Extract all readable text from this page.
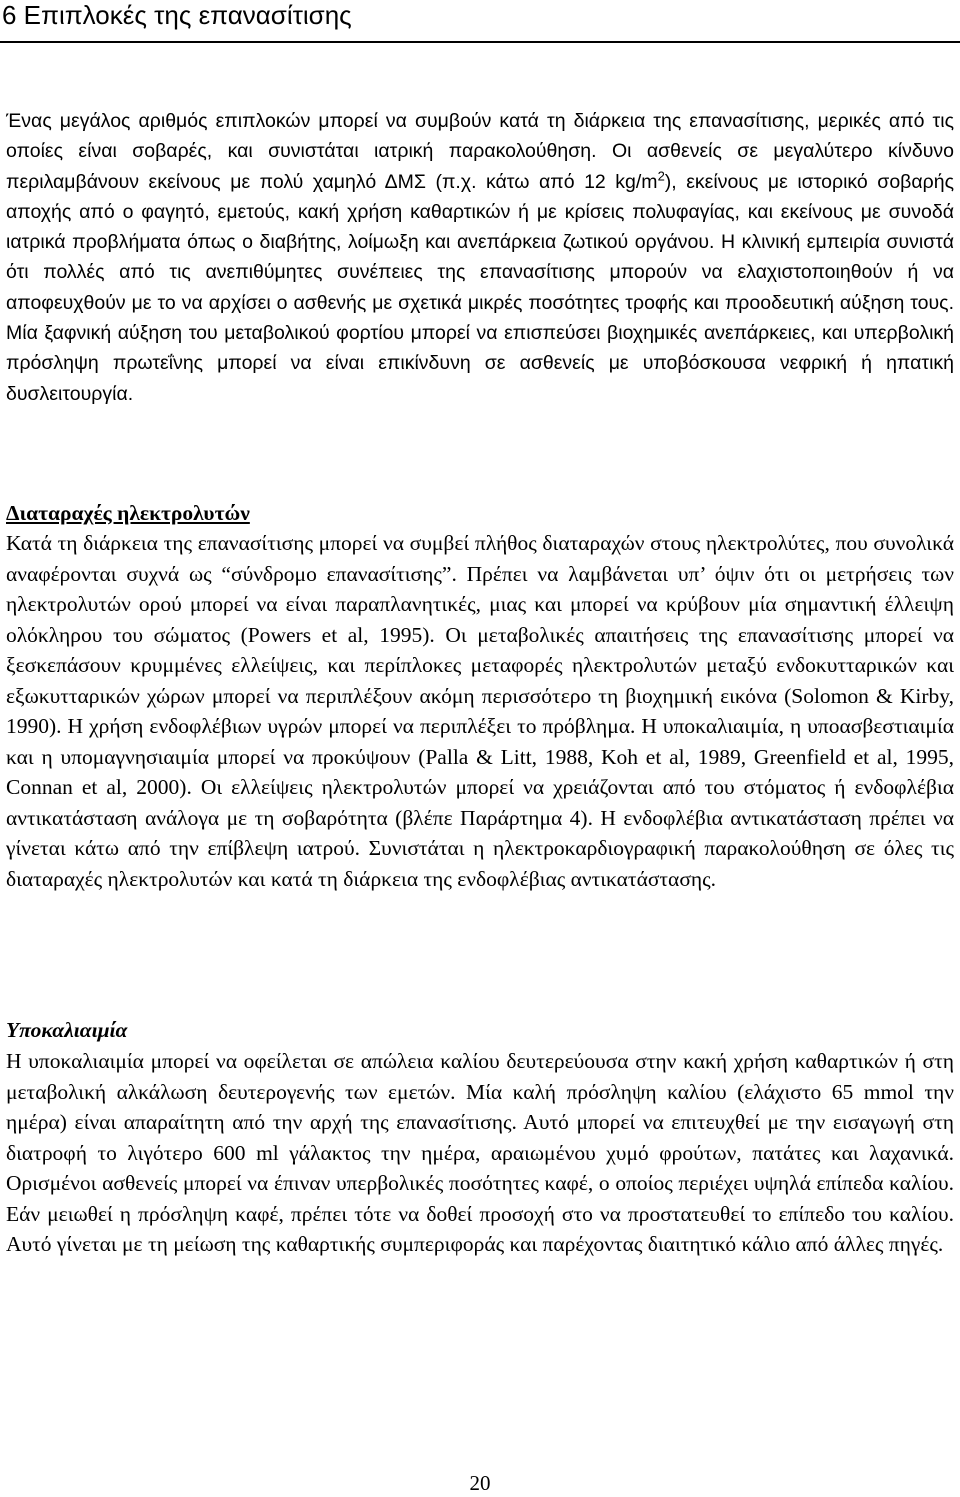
6 Επιπλοκές της επανασίτισης

Ένας μεγάλος αριθμός επιπλοκών μπορεί να συμβούν κατά τη διάρκεια της επανασίτισης, μερικές από τις οποίες είναι σοβαρές, και συνιστάται ιατρική παρακολούθηση. Οι ασθενείς σε μεγαλύτερο κίνδυνο περιλαμβάνουν εκείνους με πολύ χαμηλό ΔΜΣ (π.χ. κάτω από 12 $kg/m^2$), εκείνους με ιστορικό σοβαρής αποχής από ο φαγητό, εμετούς, κακή χρήση καθαρτικών ή με κρίσεις πολυφαγίας, και εκείνους με συνοδά ιατρικά προβλήματα όπως ο διαβήτης, λοίμωξη και ανεπάρκεια ζωτικού οργάνου. Η κλινική εμπειρία συνιστά ότι πολλές από τις ανεπιθύμητες συνέπειες της επανασίτισης μπορούν να ελαχιστοποιηθούν ή να αποφευχθούν με το να αρχίσει ο ασθενής με σχετικά μικρές ποσότητες τροφής και προοδευτική αύξηση τους. Μία ξαφνική αύξηση του μεταβολικού φορτίου μπορεί να επισπεύσει βιοχημικές ανεπάρκειες, και υπερβολική πρόσληψη πρωτεΐνης μπορεί να είναι επικίνδυνη σε ασθενείς με υποβόσκουσα νεφρική ή ηπατική δυσλειτουργία.

Διαταραχές ηλεκτρολυτών

Κατά τη διάρκεια της επανασίτισης μπορεί να συμβεί πλήθος διαταραχών στους ηλεκτρολύτες, που συνολικά αναφέρονται συχνά ως “σύνδρομο επανασίτισης”. Πρέπει να λαμβάνεται υπ’ όψιν ότι οι μετρήσεις των ηλεκτρολυτών ορού μπορεί να είναι παραπλανητικές, μιας και μπορεί να κρύβουν μία σημαντική έλλειψη ολόκληρου του σώματος (Powers et al, 1995). Οι μεταβολικές απαιτήσεις της επανασίτισης μπορεί να ξεσκεπάσουν κρυμμένες ελλείψεις, και περίπλοκες μεταφορές ηλεκτρολυτών μεταξύ ενδοκυτταρικών και εξωκυτταρικών χώρων μπορεί να περιπλέξουν ακόμη περισσότερο τη βιοχημική εικόνα (Solomon & Kirby, 1990). Η χρήση ενδοφλέβιων υγρών μπορεί να περιπλέξει το πρόβλημα. Η υποκαλιαιμία, η υποασβεστιαιμία και η υπομαγνησιαιμία μπορεί να προκύψουν (Palla & Litt, 1988, Koh et al, 1989, Greenfield et al, 1995, Connan et al, 2000). Οι ελλείψεις ηλεκτρολυτών μπορεί να χρειάζονται από του στόματος ή ενδοφλέβια αντικατάσταση ανάλογα με τη σοβαρότητα (βλέπε Παράρτημα 4). Η ενδοφλέβια αντικατάσταση πρέπει να γίνεται κάτω από την επίβλεψη ιατρού. Συνιστάται η ηλεκτροκαρδιογραφική παρακολούθηση σε όλες τις διαταραχές ηλεκτρολυτών και κατά τη διάρκεια της ενδοφλέβιας αντικατάστασης.

Υποκαλιαιμία

Η υποκαλιαιμία μπορεί να οφείλεται σε απώλεια καλίου δευτερεύουσα στην κακή χρήση καθαρτικών ή στη μεταβολική αλκάλωση δευτερογενής των εμετών. Μία καλή πρόσληψη καλίου (ελάχιστο 65 mmol την ημέρα) είναι απαραίτητη από την αρχή της επανασίτισης. Αυτό μπορεί να επιτευχθεί με την εισαγωγή στη διατροφή το λιγότερο 600 ml γάλακτος την ημέρα, αραιωμένου χυμό φρούτων, πατάτες και λαχανικά. Ορισμένοι ασθενείς μπορεί να έπιναν υπερβολικές ποσότητες καφέ, ο οποίος περιέχει υψηλά επίπεδα καλίου. Εάν μειωθεί η πρόσληψη καφέ, πρέπει τότε να δοθεί προσοχή στο να προστατευθεί το επίπεδο του καλίου. Αυτό γίνεται με τη μείωση της καθαρτικής συμπεριφοράς και παρέχοντας διαιτητικό κάλιο από άλλες πηγές.

20
